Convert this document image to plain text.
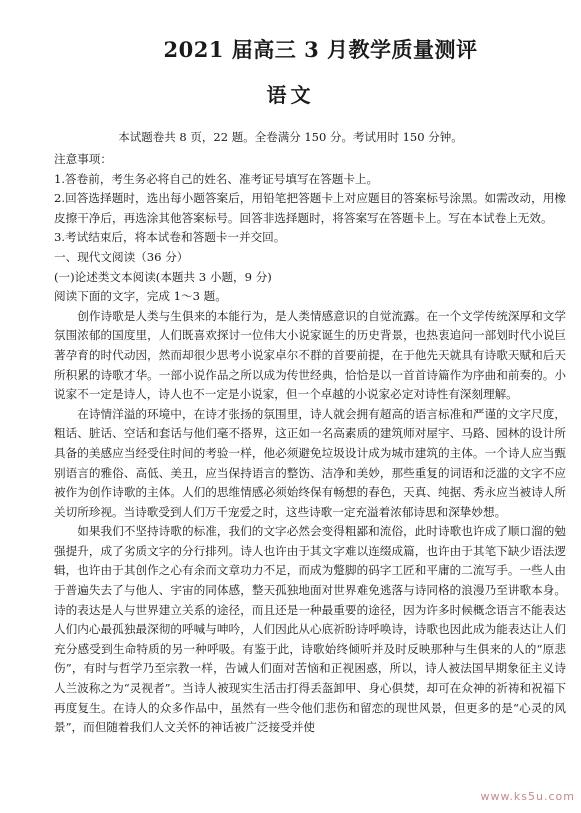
2021 届高三 3 月教学质量测评
语文
本试题卷共 8 页，22 题。全卷满分 150 分。考试用时 150 分钟。

注意事项：

1.答卷前，考生务必将自己的姓名、准考证号填写在答题卡上。

2.回答选择题时，选出每小题答案后，用铅笔把答题卡上对应题目的答案标号涂黑。如需改动，用橡皮擦干净后，再选涂其他答案标号。回答非选择题时，将答案写在答题卡上。写在本试卷上无效。

3.考试结束后，将本试卷和答题卡一并交回。

一、现代文阅读（36 分）

(一)论述类文本阅读(本题共 3 小题，9 分)

阅读下面的文字，完成 1～3 题。

创作诗歌是人类与生俱来的本能行为，是人类情感意识的自觉流露。在一个文学传统深厚和文学氛围浓郁的国度里，人们既喜欢探讨一位伟大小说家诞生的历史背景，也热衷追问一部划时代小说巨著孕育的时代动因，然而却很少思考小说家卓尔不群的首要前提，在于他先天就具有诗歌天赋和后天所积累的诗歌才华。一部小说作品之所以成为传世经典，恰恰是以一首首诗篇作为序曲和前奏的。小说家不一定是诗人，诗人也不一定是小说家，但一个卓越的小说家必定对诗性有深刻理解。

在诗情洋溢的环境中，在诗才张扬的氛围里，诗人就会拥有超高的语言标准和严谨的文字尺度，粗话、脏话、空话和套话与他们毫不搭界，这正如一名高素质的建筑师对屋宇、马路、园林的设计所具备的美感应当经受住时间的考验一样，他必须避免垃圾设计成为城市建筑的主体。一个诗人应当甄别语言的雅俗、高低、美丑，应当保持语言的整饬、洁净和美妙，那些重复的词语和泛滥的文字不应被作为创作诗歌的主体。人们的思维情感必须始终保有畅想的春色，天真、纯据、秀永应当被诗人所关切所珍视。当诗歌受到人们万千宠爱之时，这些诗歌一定充溢着浓郁诗思和深挚妙想。

如果我们不坚持诗歌的标准，我们的文字必然会变得粗鄙和流俗，此时诗歌也许成了顺口溜的勉强提升，成了劣质文字的分行排列。诗人也许由于其文字难以连缀成篇，也许由于其笔下缺少语法逻辑，也许由于其创作之心有余而文章功力不足，而成为蹩脚的码字工匠和平庸的二流写手。一些人由于普遍失去了与他人、宇宙的同体感，整天孤独地面对世界难免逃落与诗同格的浪漫乃至讲歌本身。诗的表达是人与世界建立关系的途径，而且还是一种最重要的途径，因为许多时候概念语言不能表达人们内心最孤独最深彻的呼喊与呻吟，人们因此从心底祈盼诗呼唤诗，诗歌也因此成为能表达让人们充分感受到生命特质的另一种呼吸。有鉴于此，诗歌始终倾听并及时反映那种与生俱来的人的“原悲伤”，有时与哲学乃至宗教一样，告诫人们面对苦恼和正视困惑，所以，诗人被法国早期象征主义诗人兰波称之为“灵视者”。当诗人被现实生活击打得丢盔卸甲、身心俱焚，却可在众神的祈祷和祝福下再度复生。在诗人的众多作品中，虽然有一些令他们悲伤和留恋的现世风景，但更多的是“心灵的风景”，而但随着我们人文关怀的神话被广泛接受并使

www.ks5u.com
